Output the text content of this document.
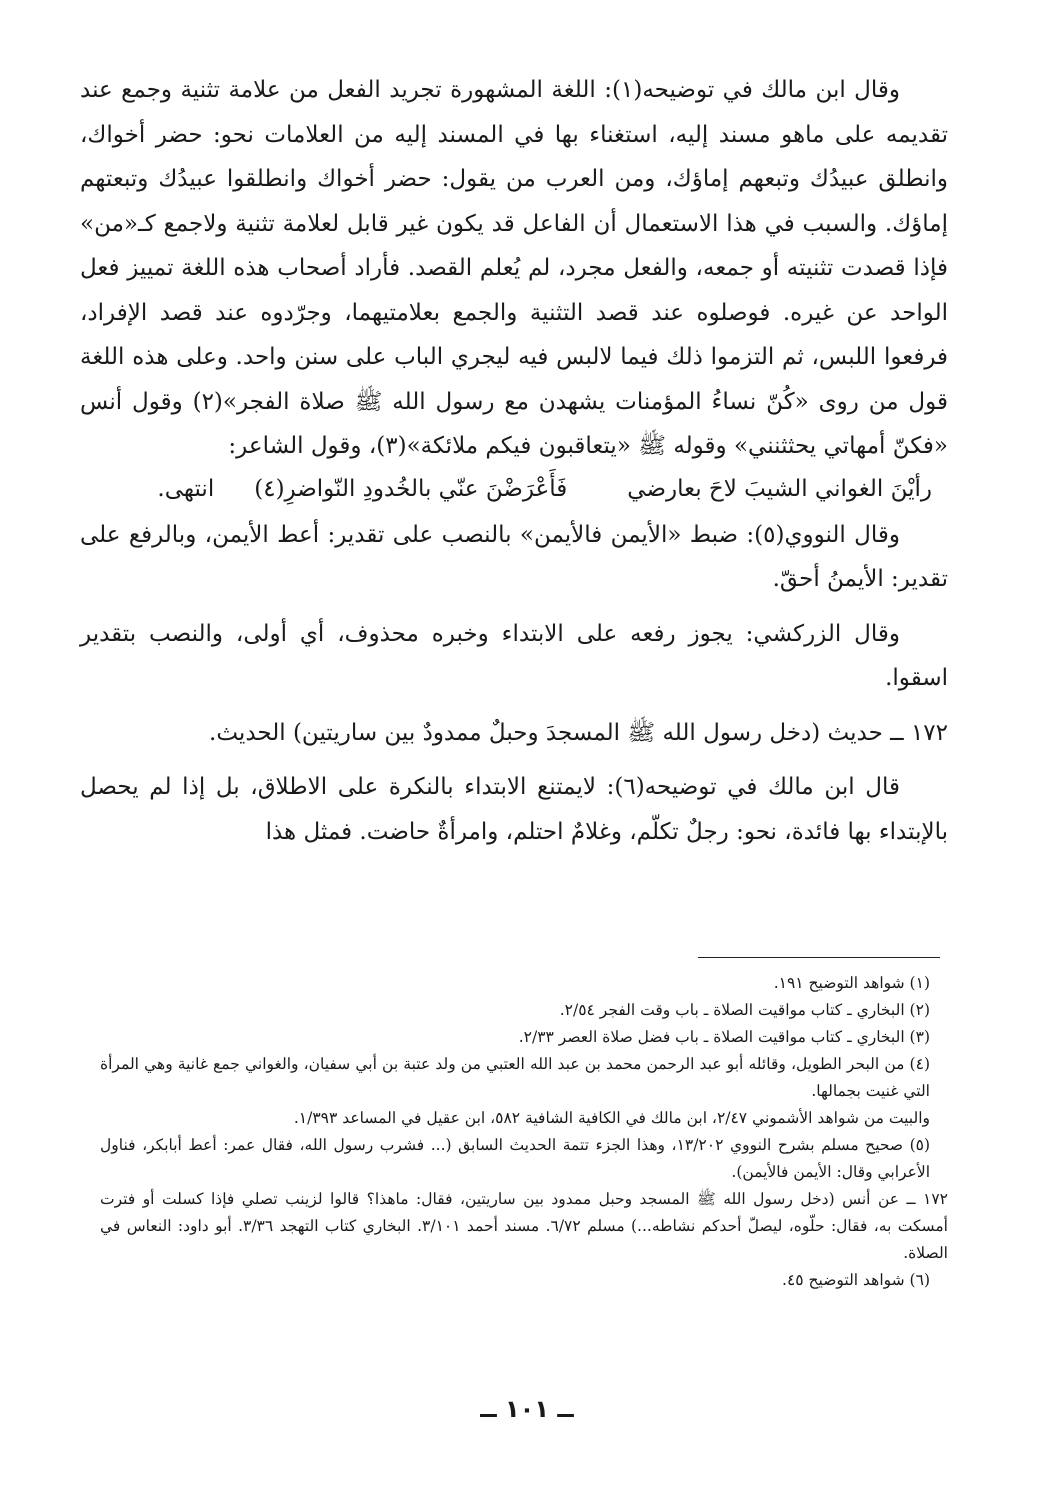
وقال ابن مالك في توضيحه(١): اللغة المشهورة تجريد الفعل من علامة تثنية وجمع عند تقديمه على ماهو مسند إليه، استغناء بها في المسند إليه من العلامات نحو: حضر أخواك، وانطلق عبيدُك وتبعهم إماؤك، ومن العرب من يقول: حضر أخواك وانطلقوا عبيدُك وتبعتهم إماؤك. والسبب في هذا الاستعمال أن الفاعل قد يكون غير قابل لعلامة تثنية ولاجمع كـ«من» فإذا قصدت تثنيته أو جمعه، والفعل مجرد، لم يُعلم القصد. فأراد أصحاب هذه اللغة تمييز فعل الواحد عن غيره. فوصلوه عند قصد التثنية والجمع بعلامتيهما، وجرّدوه عند قصد الإفراد، فرفعوا اللبس، ثم التزموا ذلك فيما لالبس فيه ليجري الباب على سنن واحد. وعلى هذه اللغة قول من روى «كُنّ نساءُ المؤمنات يشهدن مع رسول الله ﷺ صلاة الفجر»(٢) وقول أنس «فكنّ أمهاتي يحثثنني» وقوله ﷺ «يتعاقبون فيكم ملائكة»(٣)، وقول الشاعر:

رأيْنَ الغواني الشيبَ لاحَ بعارضي
فَأَعْرَضْنَ عنّي بالخُدودِ النّواضرِ(٤)
انتهى.

وقال النووي(٥): ضبط «الأيمن فالأيمن» بالنصب على تقدير: أعط الأيمن، وبالرفع على تقدير: الأيمنُ أحقّ.

وقال الزركشي: يجوز رفعه على الابتداء وخبره محذوف، أي أولى، والنصب بتقدير اسقوا.

١٧٢ ــ حديث (دخل رسول الله ﷺ المسجدَ وحبلٌ ممدودٌ بين ساريتين) الحديث.

قال ابن مالك في توضيحه(٦): لايمتنع الابتداء بالنكرة على الاطلاق، بل إذا لم يحصل بالإبتداء بها فائدة، نحو: رجلٌ تكلّم، وغلامٌ احتلم، وامرأةٌ حاضت. فمثل هذا

(١) شواهد التوضيح ١٩١.

(٢) البخاري ـ كتاب مواقيت الصلاة ـ باب وقت الفجر ٢/٥٤.

(٣) البخاري ـ كتاب مواقيت الصلاة ـ باب فضل صلاة العصر ٢/٣٣.

(٤) من البحر الطويل، وقائله أبو عبد الرحمن محمد بن عبد الله العتبي من ولد عتبة بن أبي سفيان، والغواني جمع غانية وهي المرأة التي غنيت بجمالها.

والبيت من شواهد الأشموني ٢/٤٧، ابن مالك في الكافية الشافية ٥٨٢، ابن عقيل في المساعد ١/٣٩٣.

(٥) صحيح مسلم بشرح النووي ١٣/٢٠٢، وهذا الجزء تتمة الحديث السابق (... فشرب رسول الله، فقال عمر: أعط أبابكر، فناول الأعرابي وقال: الأيمن فالأيمن).

١٧٢ ــ عن أنس (دخل رسول الله ﷺ المسجد وحبل ممدود بين ساريتين، فقال: ماهذا؟ قالوا لزينب تصلي فإذا كسلت أو فترت أمسكت به، فقال: حلّوه، ليصلّ أحدكم نشاطه...) مسلم ٦/٧٢. مسند أحمد ٣/١٠١. البخاري كتاب التهجد ٣/٣٦. أبو داود: النعاس في الصلاة.

(٦) شواهد التوضيح ٤٥.

ــ ١٠١ ــ
